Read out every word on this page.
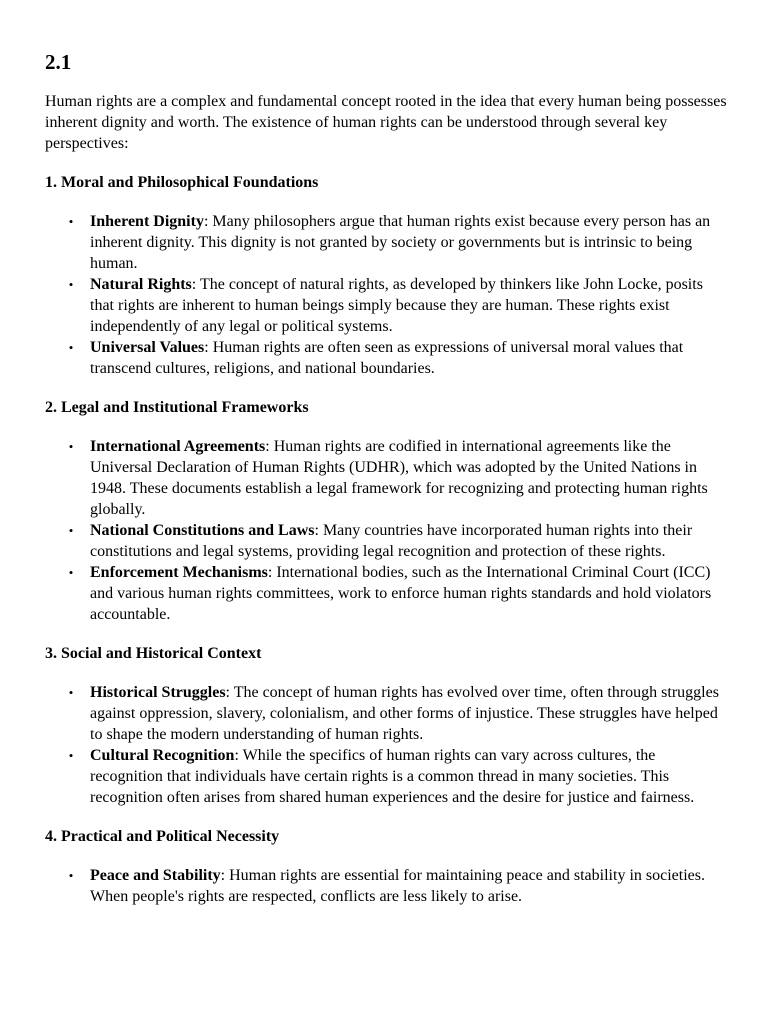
2.1

Human rights are a complex and fundamental concept rooted in the idea that every human being possesses inherent dignity and worth. The existence of human rights can be understood through several key perspectives:

1. Moral and Philosophical Foundations

• Inherent Dignity: Many philosophers argue that human rights exist because every person has an inherent dignity. This dignity is not granted by society or governments but is intrinsic to being human.
• Natural Rights: The concept of natural rights, as developed by thinkers like John Locke, posits that rights are inherent to human beings simply because they are human. These rights exist independently of any legal or political systems.
• Universal Values: Human rights are often seen as expressions of universal moral values that transcend cultures, religions, and national boundaries.

2. Legal and Institutional Frameworks

• International Agreements: Human rights are codified in international agreements like the Universal Declaration of Human Rights (UDHR), which was adopted by the United Nations in 1948. These documents establish a legal framework for recognizing and protecting human rights globally.
• National Constitutions and Laws: Many countries have incorporated human rights into their constitutions and legal systems, providing legal recognition and protection of these rights.
• Enforcement Mechanisms: International bodies, such as the International Criminal Court (ICC) and various human rights committees, work to enforce human rights standards and hold violators accountable.

3. Social and Historical Context

• Historical Struggles: The concept of human rights has evolved over time, often through struggles against oppression, slavery, colonialism, and other forms of injustice. These struggles have helped to shape the modern understanding of human rights.
• Cultural Recognition: While the specifics of human rights can vary across cultures, the recognition that individuals have certain rights is a common thread in many societies. This recognition often arises from shared human experiences and the desire for justice and fairness.

4. Practical and Political Necessity

• Peace and Stability: Human rights are essential for maintaining peace and stability in societies. When people's rights are respected, conflicts are less likely to arise.
